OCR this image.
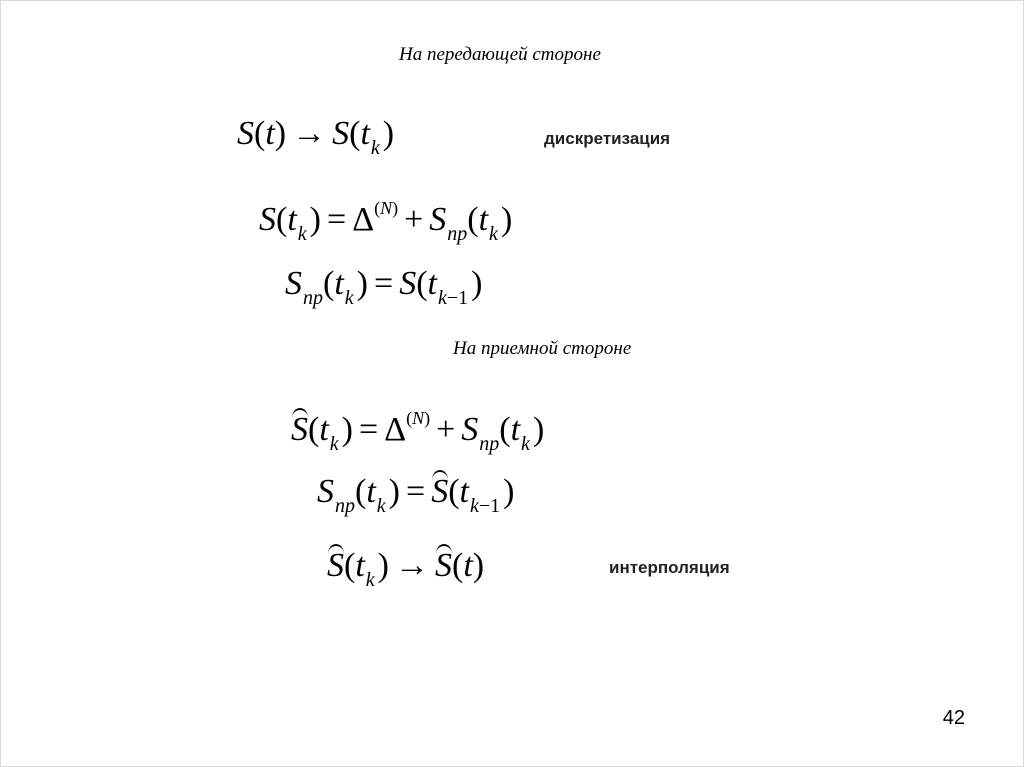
На передающей стороне
$S(t) \to S(t_k)$	дискретизация
$S(t_k) = \Delta^{(N)} + S_{пр}(t_k)$
$S_{пр}(t_k) = S(t_{k-1})$
На приемной стороне
$S(t_k) = \Delta^{(N)} + S_{пр}(t_k)$
$S_{пр}(t_k) = S(t_{k-1})$
$S(t_k) \to S(t)$	интерполяция
42
